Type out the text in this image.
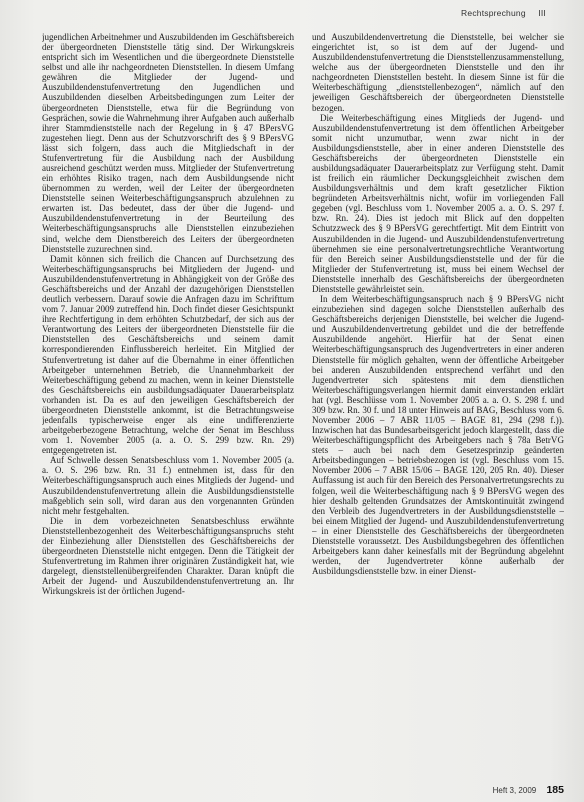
Rechtsprechung III

jugendlichen Arbeitnehmer und Auszubildenden im Geschäftsbereich der übergeordneten Dienststelle tätig sind. Der Wirkungskreis entspricht sich im Wesentlichen und die übergeordnete Dienststelle selbst und alle ihr nachgeordneten Dienststellen. In diesem Umfang gewähren die Mitglieder der Jugend- und Auszubildendenstufenvertretung den Jugendlichen und Auszubildenden dieselben Arbeitsbedingungen zum Leiter der übergeordneten Dienststelle, etwa für die Begründung von Gesprächen, sowie die Wahrnehmung ihrer Aufgaben auch außerhalb ihrer Stammdienststelle nach der Regelung in § 47 BPersVG zugestehen liegt. Denn aus der Schutzvorschrift des § 9 BPersVG lässt sich folgern, dass auch die Mitgliedschaft in der Stufenvertretung für die Ausbildung nach der Ausbildung ausreichend geschützt werden muss. Mitglieder der Stufenvertretung ein erhöhtes Risiko tragen, nach dem Ausbildungsende nicht übernommen zu werden, weil der Leiter der übergeordneten Dienststelle seinen Weiterbeschäftigungsanspruch abzulehnen zu erwarten ist. Das bedeutet, dass der über die Jugend- und Auszubildendenstufenvertretung in der Beurteilung des Weiterbeschäftigungsanspruchs alle Dienststellen einzubeziehen sind, welche dem Dienstbereich des Leiters der übergeordneten Dienststelle zuzurechnen sind.

Damit können sich freilich die Chancen auf Durchsetzung des Weiterbeschäftigungsanspruchs bei Mitgliedern der Jugend- und Auszubildendenstufenvertretung in Abhängigkeit von der Größe des Geschäftsbereichs und der Anzahl der dazugehörigen Dienststellen deutlich verbessern. Darauf sowie die Anfragen dazu im Schrifttum vom 7. Januar 2009 zutreffend hin. Doch findet dieser Gesichtspunkt ihre Rechtfertigung in dem erhöhten Schutzbedarf, der sich aus der Verantwortung des Leiters der übergeordneten Dienststelle für die Dienststellen des Geschäftsbereichs und seinem damit korrespondierenden Einflussbereich herleitet. Ein Mitglied der Stufenvertretung ist daher auf die Übernahme in einer öffentlichen Arbeitgeber unternehmen Betrieb, die Unannehmbarkeit der Weiterbeschäftigung gebend zu machen, wenn in keiner Dienststelle des Geschäftsbereichs ein ausbildungsadäquater Dauerarbeitsplatz vorhanden ist. Da es auf den jeweiligen Geschäftsbereich der übergeordneten Dienststelle ankommt, ist die Betrachtungsweise jedenfalls typischerweise enger als eine undifferenzierte arbeitgeberbezogene Betrachtung, welche der Senat im Beschluss vom 1. November 2005 (a. a. O. S. 299 bzw. Rn. 29) entgegengetreten ist.

Auf Schwelle dessen Senatsbeschluss vom 1. November 2005 (a. a. O. S. 296 bzw. Rn. 31 f.) entnehmen ist, dass für den Weiterbeschäftigungsanspruch auch eines Mitglieds der Jugend- und Auszubildendenstufenvertretung allein die Ausbildungsdienststelle maßgeblich sein soll, wird daran aus den vorgenannten Gründen nicht mehr festgehalten.

Die in dem vorbezeichneten Senatsbeschluss erwähnte Dienststellenbezogenheit des Weiterbeschäftigungsanspruchs steht der Einbeziehung aller Dienststellen des Geschäftsbereichs der übergeordneten Dienststelle nicht entgegen. Denn die Tätigkeit der Stufenvertretung im Rahmen ihrer originären Zuständigkeit hat, wie dargelegt, dienststellenübergreifenden Charakter. Daran knüpft die Arbeit der Jugend- und Auszubildendenstufenvertretung an. Ihr Wirkungskreis ist der örtlichen Jugend-

und Auszubildendenvertretung die Dienststelle, bei welcher sie eingerichtet ist, so ist dem auf der Jugend- und Auszubildendenstufenvertretung die Dienststellenzusammenstellung, welche aus der übergeordneten Dienststelle und den ihr nachgeordneten Dienststellen besteht. In diesem Sinne ist für die Weiterbeschäftigung „dienststellenbezogen“, nämlich auf den jeweiligen Geschäftsbereich der übergeordneten Dienststelle bezogen.

Die Weiterbeschäftigung eines Mitglieds der Jugend- und Auszubildendenstufenvertretung ist dem öffentlichen Arbeitgeber somit nicht unzumutbar, wenn zwar nicht in der Ausbildungsdienststelle, aber in einer anderen Dienststelle des Geschäftsbereichs der übergeordneten Dienststelle ein ausbildungsadäquater Dauerarbeitsplatz zur Verfügung steht. Damit ist freilich ein räumlicher Deckungsgleichheit zwischen dem Ausbildungsverhältnis und dem kraft gesetzlicher Fiktion begründeten Arbeitsverhältnis nicht, wofür im vorliegenden Fall gegeben (vgl. Beschluss vom 1. November 2005 a. a. O. S. 297 f. bzw. Rn. 24). Dies ist jedoch mit Blick auf den doppelten Schutzzweck des § 9 BPersVG gerechtfertigt. Mit dem Eintritt von Auszubildenden in die Jugend- und Auszubildendenstufenvertretung übernehmen sie eine personalvertretungsrechtliche Verantwortung für den Bereich seiner Ausbildungsdienststelle und der für die Mitglieder der Stufenvertretung ist, muss bei einem Wechsel der Dienststelle innerhalb des Geschäftsbereichs der übergeordneten Dienststelle gewährleistet sein.

In dem Weiterbeschäftigungsanspruch nach § 9 BPersVG nicht einzubeziehen sind dagegen solche Dienststellen außerhalb des Geschäftsbereichs derjenigen Dienststelle, bei welcher die Jugend- und Auszubildendenvertretung gebildet und die der betreffende Auszubildende angehört. Hierfür hat der Senat einen Weiterbeschäftigungsanspruch des Jugendvertreters in einer anderen Dienststelle für möglich gehalten, wenn der öffentliche Arbeitgeber bei anderen Auszubildenden entsprechend verfährt und den Jugendvertreter sich spätestens mit dem dienstlichen Weiterbeschäftigungsverlangen hiermit damit einverstanden erklärt hat (vgl. Beschlüsse vom 1. November 2005 a. a. O. S. 298 f. und 309 bzw. Rn. 30 f. und 18 unter Hinweis auf BAG, Beschluss vom 6. November 2006 – 7 ABR 11/05 – BAGE 81, 294 (298 f.)). Inzwischen hat das Bundesarbeitsgericht jedoch klargestellt, dass die Weiterbeschäftigungspflicht des Arbeitgebers nach § 78a BetrVG stets – auch bei nach dem Gesetzesprinzip geänderten Arbeitsbedingungen – betriebsbezogen ist (vgl. Beschluss vom 15. November 2006 – 7 ABR 15/06 – BAGE 120, 205 Rn. 40). Dieser Auffassung ist auch für den Bereich des Personalvertretungsrechts zu folgen, weil die Weiterbeschäftigung nach § 9 BPersVG wegen des hier deshalb geltenden Grundsatzes der Amtskontinuität zwingend den Verbleib des Jugendvertreters in der Ausbildungsdienststelle – bei einem Mitglied der Jugend- und Auszubildendenstufenvertretung – in einer Dienststelle des Geschäftsbereichs der übergeordneten Dienststelle voraussetzt. Des Ausbildungsbegehren des öffentlichen Arbeitgebers kann daher keinesfalls mit der Begründung abgelehnt werden, der Jugendvertreter könne außerhalb der Ausbildungsdienststelle bzw. in einer Dienst-

Heft 3, 2009 185
